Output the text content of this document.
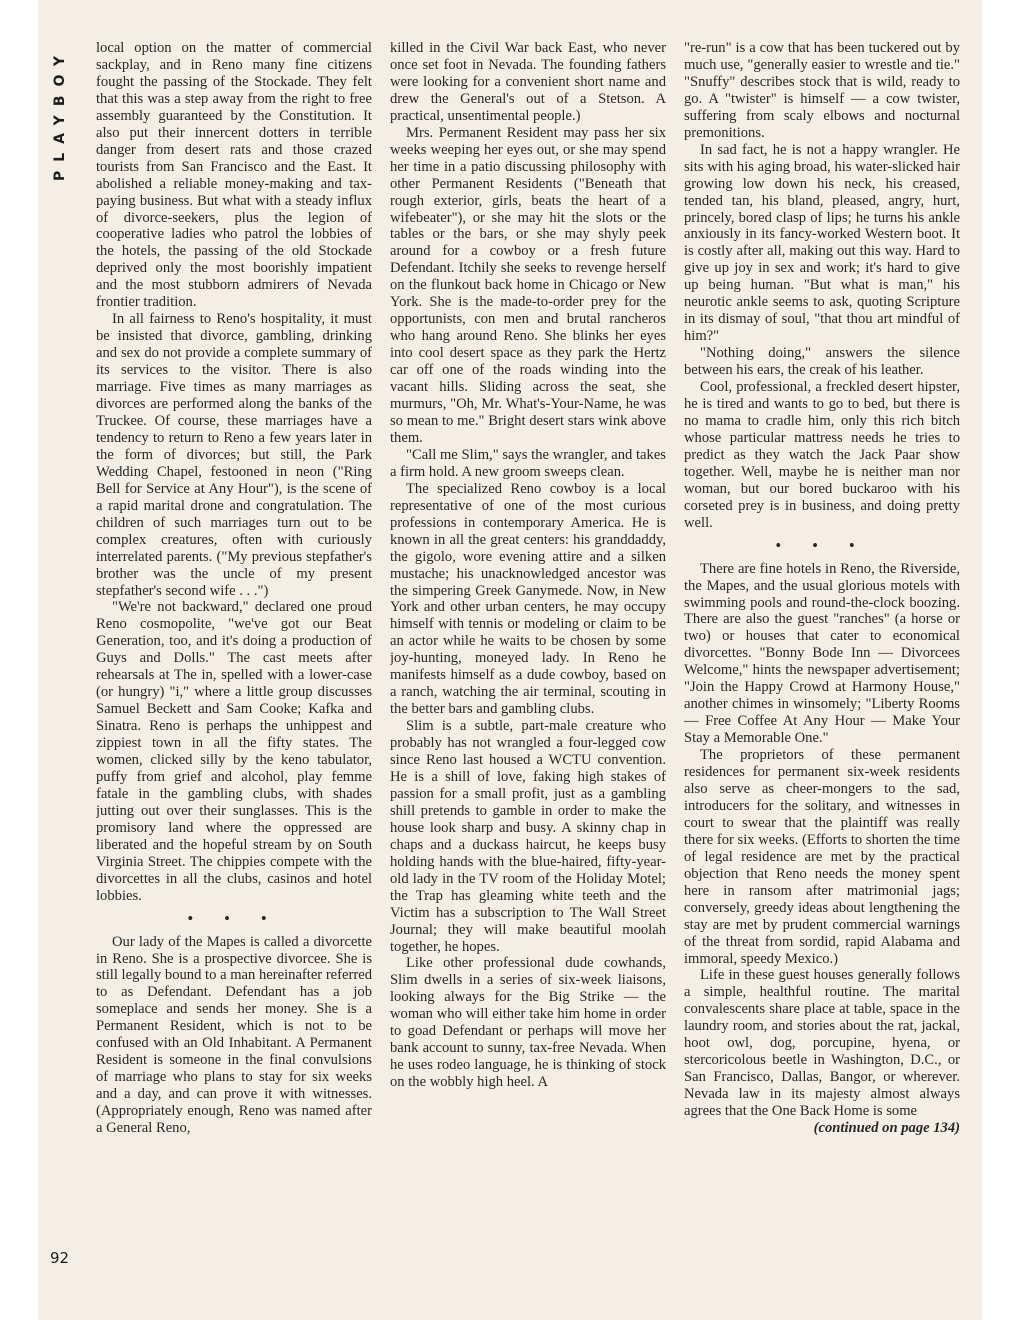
PLAYBOY	local option on the matter of commercial sackplay, and in Reno many fine citizens fought the passing of the Stockade. They felt that this was a step away from the right to free assembly guaranteed by the Constitution. It also put their innercent dotters in terrible danger from desert rats and those crazed tourists from San Francisco and the East. It abolished a reliable money-making and tax-paying business. But what with a steady influx of divorce-seekers, plus the legion of cooperative ladies who patrol the lobbies of the hotels, the passing of the old Stockade deprived only the most boorishly impatient and the most stubborn admirers of Nevada frontier tradition.

In all fairness to Reno's hospitality, it must be insisted that divorce, gambling, drinking and sex do not provide a complete summary of its services to the visitor. There is also marriage. Five times as many marriages as divorces are performed along the banks of the Truckee. Of course, these marriages have a tendency to return to Reno a few years later in the form of divorces; but still, the Park Wedding Chapel, festooned in neon ("Ring Bell for Service at Any Hour"), is the scene of a rapid marital drone and congratulation. The children of such marriages turn out to be complex creatures, often with curiously interrelated parents. ("My previous stepfather's brother was the uncle of my present stepfather's second wife . . .")

"We're not backward," declared one proud Reno cosmopolite, "we've got our Beat Generation, too, and it's doing a production of Guys and Dolls." The cast meets after rehearsals at The in, spelled with a lower-case (or hungry) "i," where a little group discusses Samuel Beckett and Sam Cooke; Kafka and Sinatra. Reno is perhaps the unhippest and zippiest town in all the fifty states. The women, clicked silly by the keno tabulator, puffy from grief and alcohol, play femme fatale in the gambling clubs, with shades jutting out over their sunglasses. This is the promisory land where the oppressed are liberated and the hopeful stream by on South Virginia Street. The chippies compete with the divorcettes in all the clubs, casinos and hotel lobbies.

• • •

Our lady of the Mapes is called a divorcette in Reno. She is a prospective divorcee. She is still legally bound to a man hereinafter referred to as Defendant. Defendant has a job someplace and sends her money. She is a Permanent Resident, which is not to be confused with an Old Inhabitant. A Permanent Resident is someone in the final convulsions of marriage who plans to stay for six weeks and a day, and can prove it with witnesses. (Appropriately enough, Reno was named after a General Reno,

killed in the Civil War back East, who never once set foot in Nevada. The founding fathers were looking for a convenient short name and drew the General's out of a Stetson. A practical, unsentimental people.)

Mrs. Permanent Resident may pass her six weeks weeping her eyes out, or she may spend her time in a patio discussing philosophy with other Permanent Residents ("Beneath that rough exterior, girls, beats the heart of a wifebeater"), or she may hit the slots or the tables or the bars, or she may shyly peek around for a cowboy or a fresh future Defendant. Itchily she seeks to revenge herself on the flunkout back home in Chicago or New York. She is the made-to-order prey for the opportunists, con men and brutal rancheros who hang around Reno. She blinks her eyes into cool desert space as they park the Hertz car off one of the roads winding into the vacant hills. Sliding across the seat, she murmurs, "Oh, Mr. What's-Your-Name, he was so mean to me." Bright desert stars wink above them.

"Call me Slim," says the wrangler, and takes a firm hold. A new groom sweeps clean.

The specialized Reno cowboy is a local representative of one of the most curious professions in contemporary America. He is known in all the great centers: his granddaddy, the gigolo, wore evening attire and a silken mustache; his unacknowledged ancestor was the simpering Greek Ganymede. Now, in New York and other urban centers, he may occupy himself with tennis or modeling or claim to be an actor while he waits to be chosen by some joy-hunting, moneyed lady. In Reno he manifests himself as a dude cowboy, based on a ranch, watching the air terminal, scouting in the better bars and gambling clubs.

Slim is a subtle, part-male creature who probably has not wrangled a four-legged cow since Reno last housed a WCTU convention. He is a shill of love, faking high stakes of passion for a small profit, just as a gambling shill pretends to gamble in order to make the house look sharp and busy. A skinny chap in chaps and a duckass haircut, he keeps busy holding hands with the blue-haired, fifty-year-old lady in the TV room of the Holiday Motel; the Trap has gleaming white teeth and the Victim has a subscription to The Wall Street Journal; they will make beautiful moolah together, he hopes.

Like other professional dude cowhands, Slim dwells in a series of six-week liaisons, looking always for the Big Strike — the woman who will either take him home in order to goad Defendant or perhaps will move her bank account to sunny, tax-free Nevada. When he uses rodeo language, he is thinking of stock on the wobbly high heel. A

"re-run" is a cow that has been tuckered out by much use, "generally easier to wrestle and tie." "Snuffy" describes stock that is wild, ready to go. A "twister" is himself — a cow twister, suffering from scaly elbows and nocturnal premonitions.

In sad fact, he is not a happy wrangler. He sits with his aging broad, his water-slicked hair growing low down his neck, his creased, tended tan, his bland, pleased, angry, hurt, princely, bored clasp of lips; he turns his ankle anxiously in its fancy-worked Western boot. It is costly after all, making out this way. Hard to give up joy in sex and work; it's hard to give up being human. "But what is man," his neurotic ankle seems to ask, quoting Scripture in its dismay of soul, "that thou art mindful of him?"

"Nothing doing," answers the silence between his ears, the creak of his leather.

Cool, professional, a freckled desert hipster, he is tired and wants to go to bed, but there is no mama to cradle him, only this rich bitch whose particular mattress needs he tries to predict as they watch the Jack Paar show together. Well, maybe he is neither man nor woman, but our bored buckaroo with his corseted prey is in business, and doing pretty well.

• • •

There are fine hotels in Reno, the Riverside, the Mapes, and the usual glorious motels with swimming pools and round-the-clock boozing. There are also the guest "ranches" (a horse or two) or houses that cater to economical divorcettes. "Bonny Bode Inn — Divorcees Welcome," hints the newspaper advertisement; "Join the Happy Crowd at Harmony House," another chimes in winsomely; "Liberty Rooms — Free Coffee At Any Hour — Make Your Stay a Memorable One."

The proprietors of these permanent residences for permanent six-week residents also serve as cheer-mongers to the sad, introducers for the solitary, and witnesses in court to swear that the plaintiff was really there for six weeks. (Efforts to shorten the time of legal residence are met by the practical objection that Reno needs the money spent here in ransom after matrimonial jags; conversely, greedy ideas about lengthening the stay are met by prudent commercial warnings of the threat from sordid, rapid Alabama and immoral, speedy Mexico.)

Life in these guest houses generally follows a simple, healthful routine. The marital convalescents share place at table, space in the laundry room, and stories about the rat, jackal, hoot owl, dog, porcupine, hyena, or stercoricolous beetle in Washington, D.C., or San Francisco, Dallas, Bangor, or wherever. Nevada law in its majesty almost always agrees that the One Back Home is some

(continued on page 134)

92
